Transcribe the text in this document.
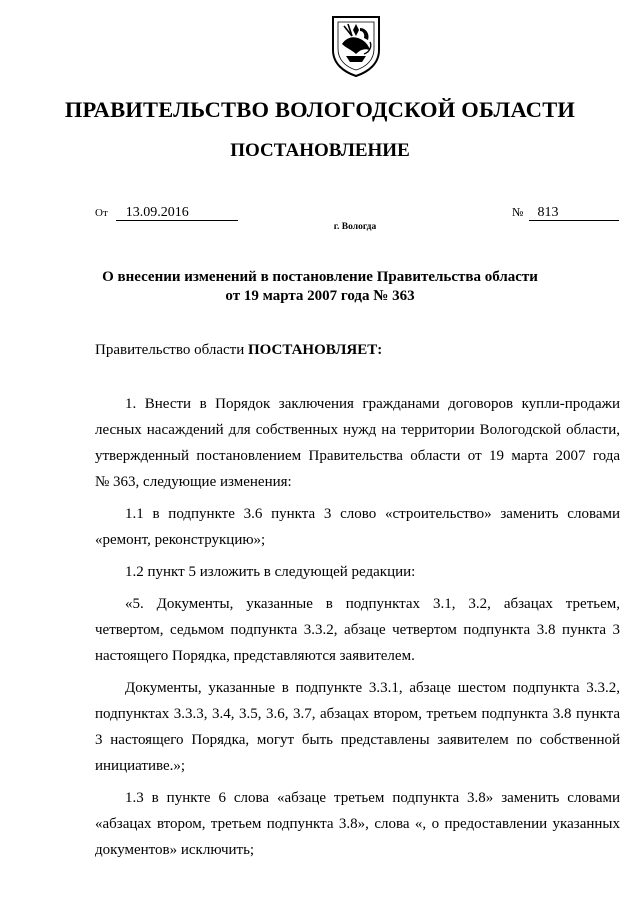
ПРАВИТЕЛЬСТВО ВОЛОГОДСКОЙ ОБЛАСТИ
ПОСТАНОВЛЕНИЕ
От 13.09.2016	№ 813
г. Вологда
О внесении изменений в постановление Правительства области
от 19 марта 2007 года № 363

Правительство области ПОСТАНОВЛЯЕТ:

1. Внести в Порядок заключения гражданами договоров купли-продажи
лесных насаждений для собственных нужд на территории Вологодской области,
утвержденный постановлением Правительства области от 19 марта 2007 года
№ 363, следующие изменения:
1.1 в подпункте 3.6 пункта 3 слово «строительство» заменить словами
«ремонт, реконструкцию»;
1.2 пункт 5 изложить в следующей редакции:
«5. Документы, указанные в подпунктах 3.1, 3.2, абзацах третьем,
четвертом, седьмом подпункта 3.3.2, абзаце четвертом подпункта 3.8 пункта 3
настоящего Порядка, представляются заявителем.
Документы, указанные в подпункте 3.3.1, абзаце шестом подпункта 3.3.2,
подпунктах 3.3.3, 3.4, 3.5, 3.6, 3.7, абзацах втором, третьем подпункта 3.8 пункта
3 настоящего Порядка, могут быть представлены заявителем по собственной
инициативе.»;
1.3 в пункте 6 слова «абзаце третьем подпункта 3.8» заменить словами
«абзацах втором, третьем подпункта 3.8», слова «, о предоставлении указанных
документов» исключить;
